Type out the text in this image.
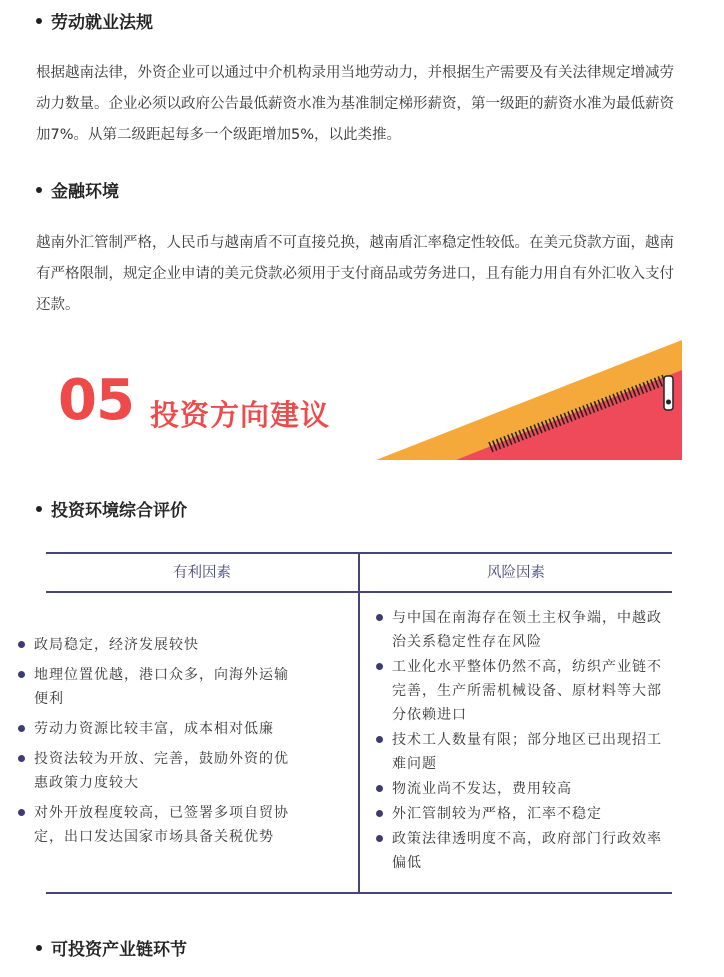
劳动就业法规
根据越南法律，外资企业可以通过中介机构录用当地劳动力，并根据生产需要及有关法律规定增减劳动力数量。企业必须以政府公告最低薪资水准为基准制定梯形薪资，第一级距的薪资水准为最低薪资加7%。从第二级距起每多一个级距增加5%，以此类推。
金融环境
越南外汇管制严格，人民币与越南盾不可直接兑换，越南盾汇率稳定性较低。在美元贷款方面，越南有严格限制，规定企业申请的美元贷款必须用于支付商品或劳务进口，且有能力用自有外汇收入支付还款。
05 投资方向建议
投资环境综合评价
有利因素	风险因素
政局稳定，经济发展较快
地理位置优越，港口众多，向海外运输便利
劳动力资源比较丰富，成本相对低廉
投资法较为开放、完善，鼓励外资的优惠政策力度较大
对外开放程度较高，已签署多项自贸协定，出口发达国家市场具备关税优势
与中国在南海存在领土主权争端，中越政治关系稳定性存在风险
工业化水平整体仍然不高，纺织产业链不完善，生产所需机械设备、原材料等大部分依赖进口
技术工人数量有限；部分地区已出现招工难问题
物流业尚不发达，费用较高
外汇管制较为严格，汇率不稳定
政策法律透明度不高，政府部门行政效率偏低
可投资产业链环节
